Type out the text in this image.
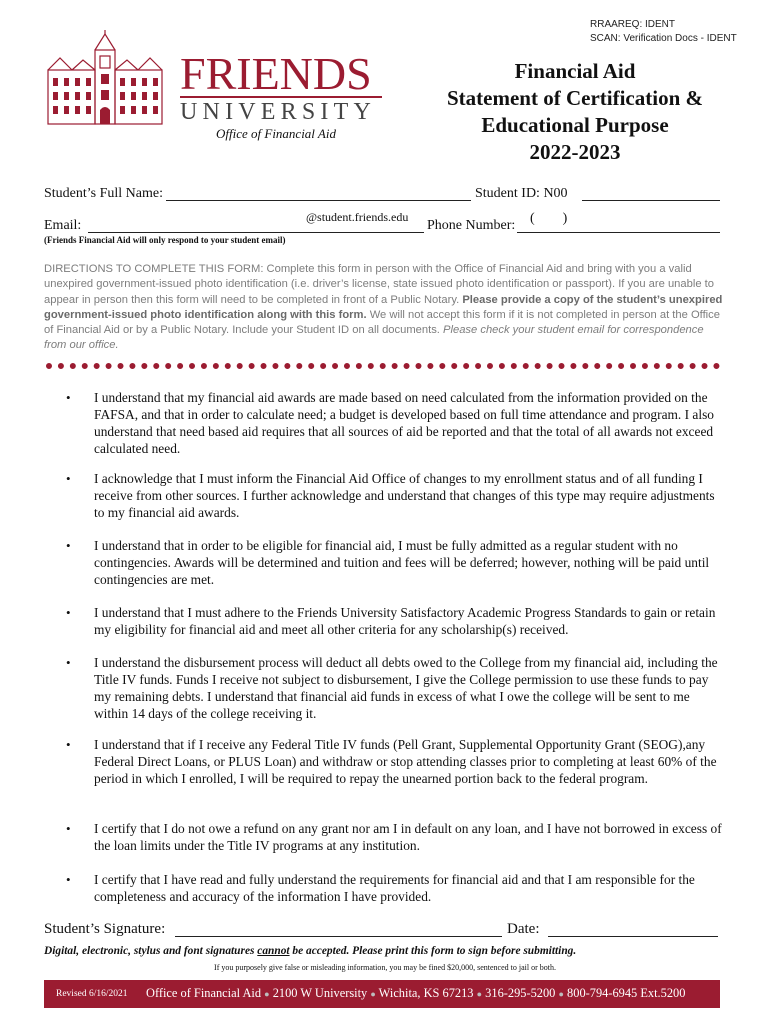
RRAAREQ: IDENT
SCAN: Verification Docs - IDENT
FRIENDS
UNIVERSITY
Office of Financial Aid
Financial Aid
Statement of Certification &
Educational Purpose
2022-2023
Student’s Full Name:	Student ID: N00
Email:
@student.friends.edu
Phone Number: (        )
(Friends Financial Aid will only respond to your student email)
DIRECTIONS TO COMPLETE THIS FORM: Complete this form in person with the Office of Financial Aid and bring with you a valid unexpired government-issued photo identification (i.e. driver’s license, state issued photo identification or passport). If you are unable to appear in person then this form will need to be completed in front of a Public Notary. Please provide a copy of the student’s unexpired government-issued photo identification along with this form. We will not accept this form if it is not completed in person at the Office of Financial Aid or by a Public Notary. Include your Student ID on all documents. Please check your student email for correspondence from our office.
• I understand that my financial aid awards are made based on need calculated from the information provided on the FAFSA, and that in order to calculate need; a budget is developed based on full time attendance and program. I also understand that need based aid requires that all sources of aid be reported and that the total of all awards not exceed calculated need.
• I acknowledge that I must inform the Financial Aid Office of changes to my enrollment status and of all funding I receive from other sources. I further acknowledge and understand that changes of this type may require adjustments to my financial aid awards.
• I understand that in order to be eligible for financial aid, I must be fully admitted as a regular student with no contingencies. Awards will be determined and tuition and fees will be deferred; however, nothing will be paid until contingencies are met.
• I understand that I must adhere to the Friends University Satisfactory Academic Progress Standards to gain or retain my eligibility for financial aid and meet all other criteria for any scholarship(s) received.
• I understand the disbursement process will deduct all debts owed to the College from my financial aid, including the Title IV funds. Funds I receive not subject to disbursement, I give the College permission to use these funds to pay my remaining debts. I understand that financial aid funds in excess of what I owe the college will be sent to me within 14 days of the college receiving it.
• I understand that if I receive any Federal Title IV funds (Pell Grant, Supplemental Opportunity Grant (SEOG),any Federal Direct Loans, or PLUS Loan) and withdraw or stop attending classes prior to completing at least 60% of the period in which I enrolled, I will be required to repay the unearned portion back to the federal program.
• I certify that I do not owe a refund on any grant nor am I in default on any loan, and I have not borrowed in excess of the loan limits under the Title IV programs at any institution.
• I certify that I have read and fully understand the requirements for financial aid and that I am responsible for the completeness and accuracy of the information I have provided.
Student’s Signature:	Date:
Digital, electronic, stylus and font signatures cannot be accepted. Please print this form to sign before submitting.
If you purposely give false or misleading information, you may be fined $20,000, sentenced to jail or both.
Revised 6/16/2021 Office of Financial Aid ● 2100 W University ● Wichita, KS 67213 ● 316-295-5200 ● 800-794-6945 Ext.5200
